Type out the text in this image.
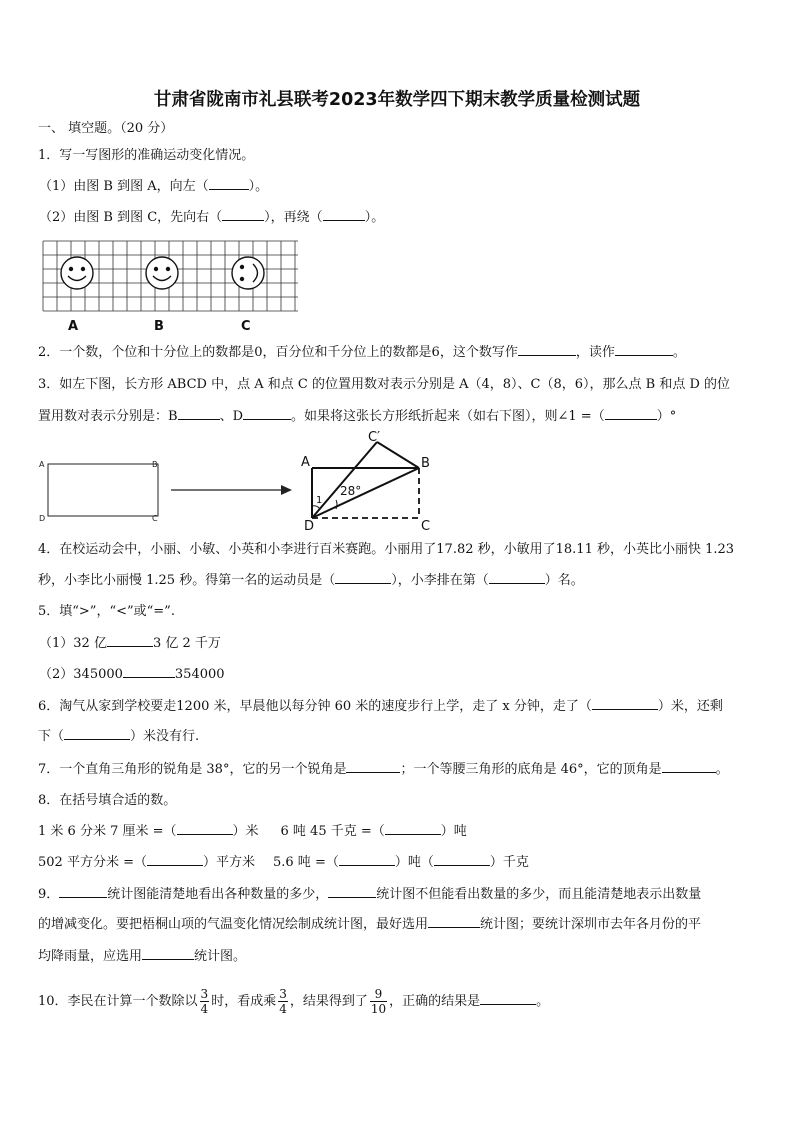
甘肃省陇南市礼县联考2023年数学四下期末教学质量检测试题
一、 填空题。（20 分）
1．写一写图形的准确运动变化情况。
（1）由图 B 到图 A，向左（	）。
（2）由图 B 到图 C，先向右（	），再绕（	）。
A	B	C
2．一个数，个位和十分位上的数都是0，百分位和千分位上的数都是6，这个数写作	，读作	。
3．如左下图，长方形 ABCD 中，点 A 和点 C 的位置用数对表示分别是 A（4，8）、C（8，6），那么点 B 和点 D 的位
置用数对表示分别是：B	、D	。如果将这张长方形纸折起来（如右下图），则∠1 =（	）°
A	B
D	C
C′
A	B
D	C
1
28°
4．在校运动会中，小丽、小敏、小英和小李进行百米赛跑。小丽用了17.82 秒，小敏用了18.11 秒，小英比小丽快 1.23
秒，小李比小丽慢 1.25 秒。得第一名的运动员是（	），小李排在第（	）名。
5．填“>”，“<”或“=”.
（1）32 亿	3 亿 2 千万
（2）345000	354000
6．淘气从家到学校要走1200 米，早晨他以每分钟 60 米的速度步行上学，走了 x 分钟，走了（	）米，还剩
下（	）米没有行.
7．一个直角三角形的锐角是 38°，它的另一个锐角是	；一个等腰三角形的底角是 46°，它的顶角是	。
8．在括号填合适的数。
1 米 6 分米 7 厘米 =（	）米 6 吨 45 千克 =（	）吨
502 平方分米 =（	）平方米 5.6 吨 =（	）吨（	）千克
9．	统计图能清楚地看出各种数量的多少，	统计图不但能看出数量的多少，而且能清楚地表示出数量
的增减变化。要把梧桐山项的气温变化情况绘制成统计图，最好选用	统计图；要统计深圳市去年各月份的平
均降雨量，应选用	统计图。
10．李民在计算一个数除以 $\frac{3}{4}$ 时，看成乘 $\frac{3}{4}$ ，结果得到了 $\frac{9}{10}$ ，正确的结果是	。
